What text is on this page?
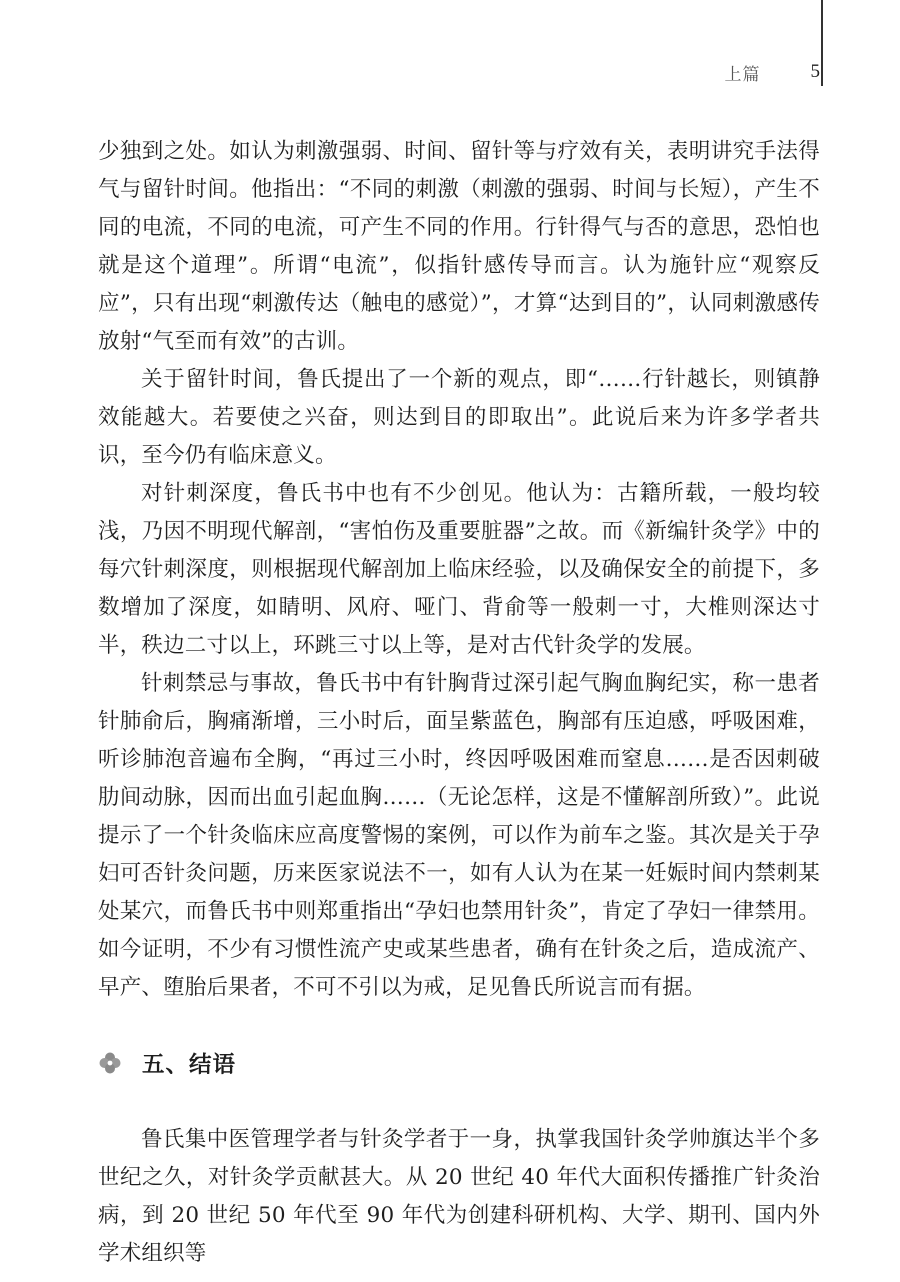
上篇	5

少独到之处。如认为刺激强弱、时间、留针等与疗效有关，表明讲究手法得气与留针时间。他指出：“不同的刺激（刺激的强弱、时间与长短），产生不同的电流，不同的电流，可产生不同的作用。行针得气与否的意思，恐怕也就是这个道理”。所谓“电流”，似指针感传导而言。认为施针应“观察反应”，只有出现“刺激传达（触电的感觉）”，才算“达到目的”，认同刺激感传放射“气至而有效”的古训。

关于留针时间，鲁氏提出了一个新的观点，即“……行针越长，则镇静效能越大。若要使之兴奋，则达到目的即取出”。此说后来为许多学者共识，至今仍有临床意义。

对针刺深度，鲁氏书中也有不少创见。他认为：古籍所载，一般均较浅，乃因不明现代解剖，“害怕伤及重要脏器”之故。而《新编针灸学》中的每穴针刺深度，则根据现代解剖加上临床经验，以及确保安全的前提下，多数增加了深度，如睛明、风府、哑门、背俞等一般刺一寸，大椎则深达寸半，秩边二寸以上，环跳三寸以上等，是对古代针灸学的发展。

针刺禁忌与事故，鲁氏书中有针胸背过深引起气胸血胸纪实，称一患者针肺俞后，胸痛渐增，三小时后，面呈紫蓝色，胸部有压迫感，呼吸困难，听诊肺泡音遍布全胸，“再过三小时，终因呼吸困难而窒息……是否因刺破肋间动脉，因而出血引起血胸……（无论怎样，这是不懂解剖所致）”。此说提示了一个针灸临床应高度警惕的案例，可以作为前车之鉴。其次是关于孕妇可否针灸问题，历来医家说法不一，如有人认为在某一妊娠时间内禁刺某处某穴，而鲁氏书中则郑重指出“孕妇也禁用针灸”，肯定了孕妇一律禁用。如今证明，不少有习惯性流产史或某些患者，确有在针灸之后，造成流产、早产、堕胎后果者，不可不引以为戒，足见鲁氏所说言而有据。

五、结语

鲁氏集中医管理学者与针灸学者于一身，执掌我国针灸学帅旗达半个多世纪之久，对针灸学贡献甚大。从 20 世纪 40 年代大面积传播推广针灸治病，到 20 世纪 50 年代至 90 年代为创建科研机构、大学、期刊、国内外学术组织等
